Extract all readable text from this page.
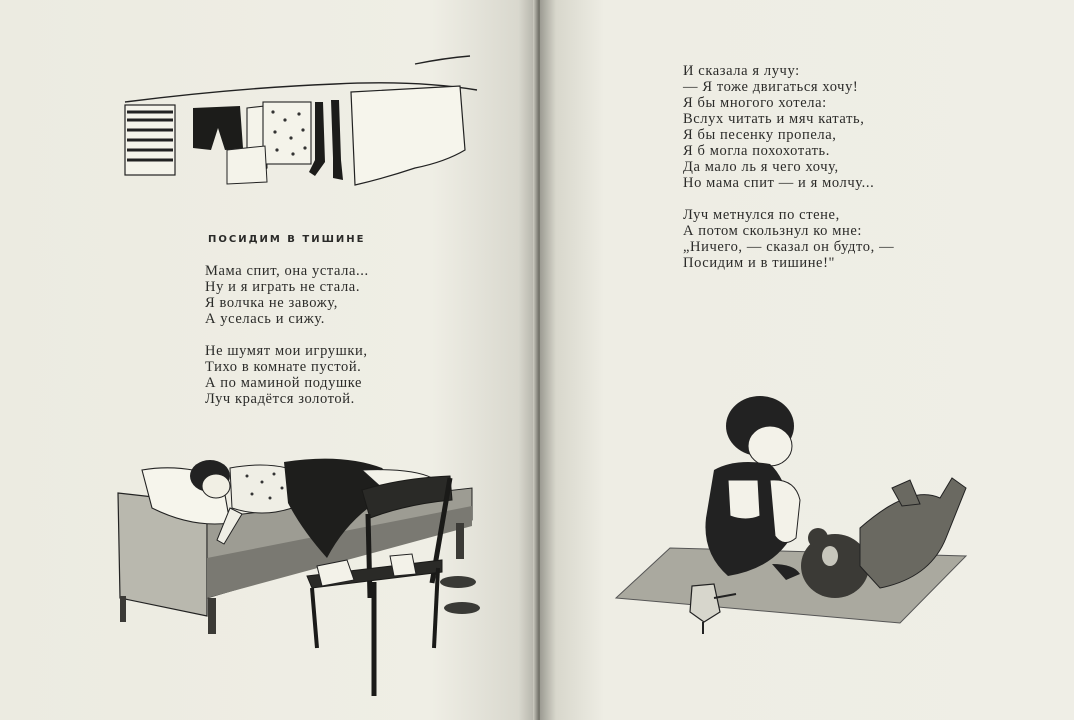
ПОСИДИМ В ТИШИНЕ
Мама спит, она устала...
Ну и я играть не стала.
Я волчка не завожу,
А уселась и сижу.
Не шумят мои игрушки,
Тихо в комнате пустой.
А по маминой подушке
Луч крадётся золотой.
И сказала я лучу:
— Я тоже двигаться хочу!
Я бы многого хотела:
Вслух читать и мяч катать,
Я бы песенку пропела,
Я б могла похохотать.
Да мало ль я чего хочу,
Но мама спит — и я молчу...
Луч метнулся по стене,
А потом скользнул ко мне:
„Ничего, — сказал он будто, —
Посидим и в тишине!"
